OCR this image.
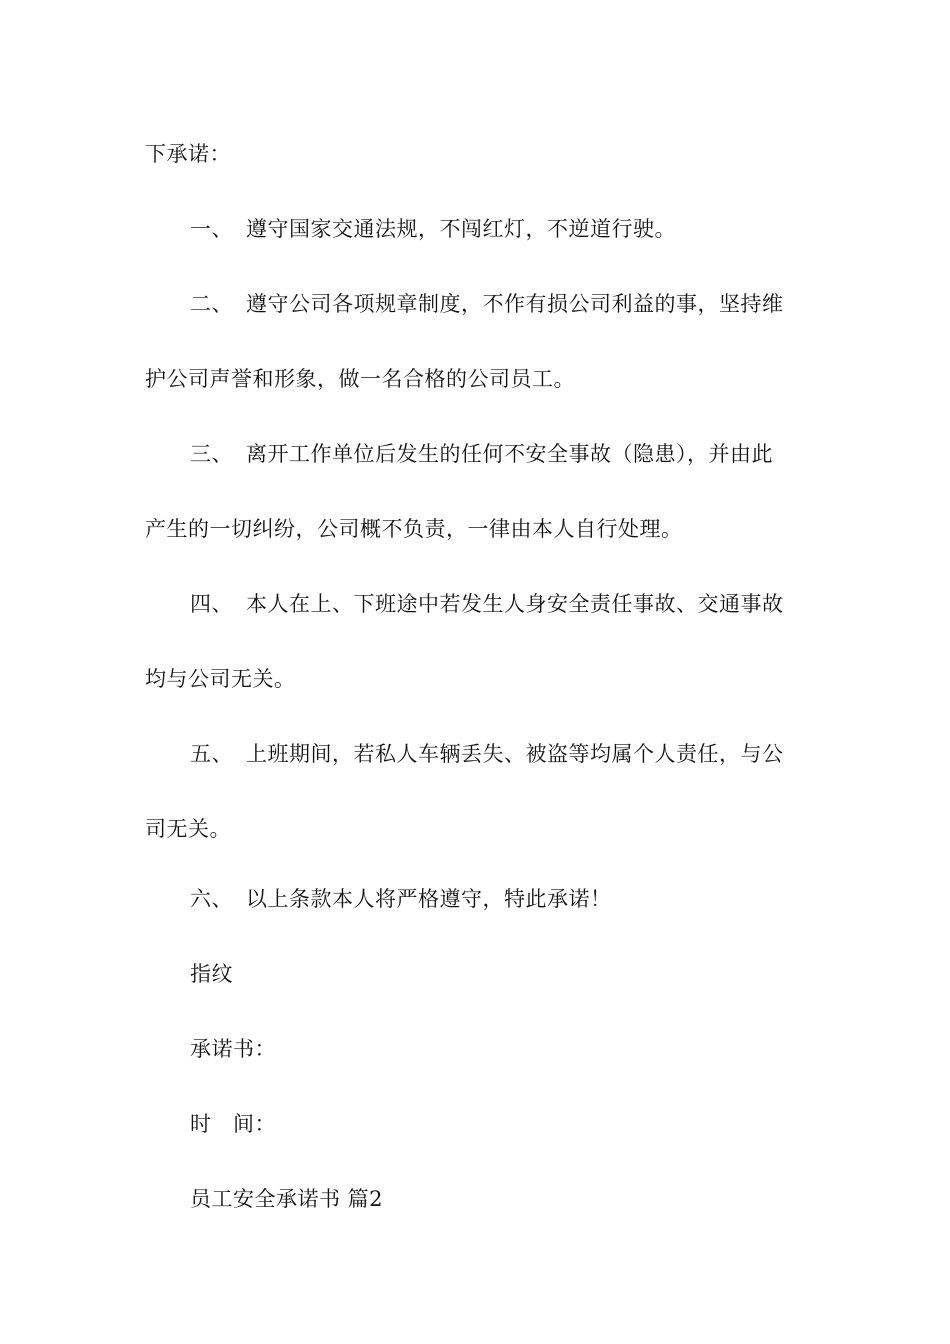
下承诺：
一、 遵守国家交通法规，不闯红灯，不逆道行驶。
二、 遵守公司各项规章制度，不作有损公司利益的事，坚持维
护公司声誉和形象，做一名合格的公司员工。
三、 离开工作单位后发生的任何不安全事故（隐患），并由此
产生的一切纠纷，公司概不负责，一律由本人自行处理。
四、 本人在上、下班途中若发生人身安全责任事故、交通事故
均与公司无关。
五、 上班期间，若私人车辆丢失、被盗等均属个人责任，与公
司无关。
六、 以上条款本人将严格遵守，特此承诺！
指纹
承诺书：
时　间：
员工安全承诺书 篇2
